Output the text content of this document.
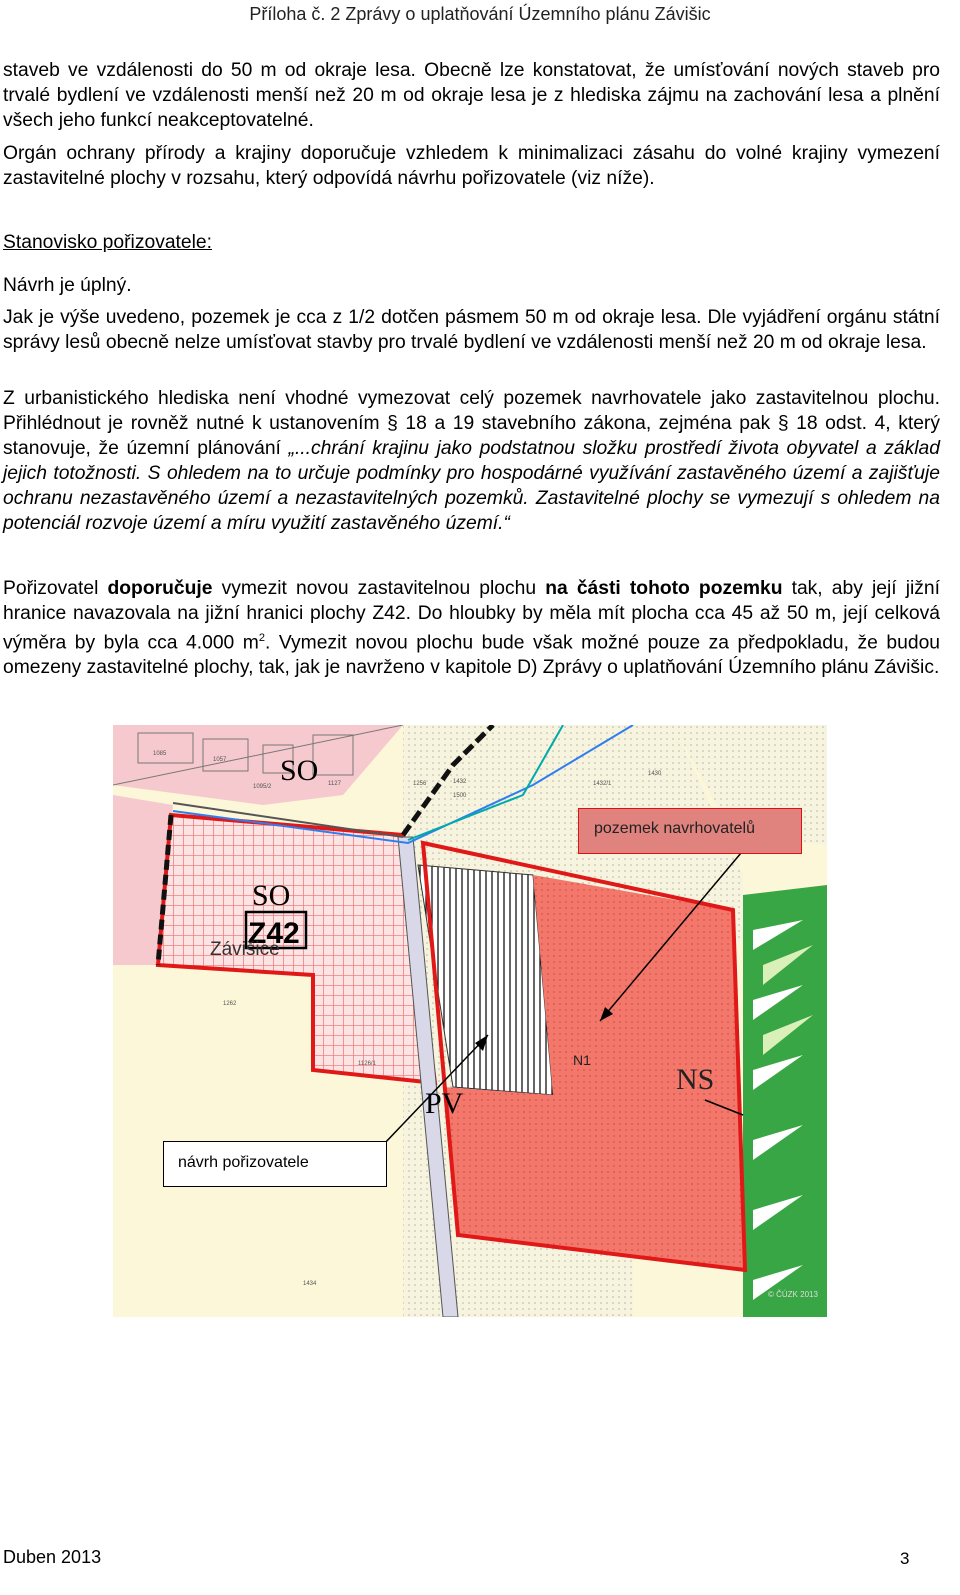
Příloha č. 2 Zprávy o uplatňování Územního plánu Závišic
staveb ve vzdálenosti do 50 m od okraje lesa. Obecně lze konstatovat, že umísťování nových staveb pro trvalé bydlení ve vzdálenosti menší než 20 m od okraje lesa je z hlediska zájmu na zachování lesa a plnění všech jeho funkcí neakceptovatelné.
Orgán ochrany přírody a krajiny doporučuje vzhledem k minimalizaci zásahu do volné krajiny vymezení zastavitelné plochy v rozsahu, který odpovídá návrhu pořizovatele (viz níže).
Stanovisko pořizovatele:
Návrh je úplný.
Jak je výše uvedeno, pozemek je cca z 1/2 dotčen pásmem 50 m od okraje lesa. Dle vyjádření orgánu státní správy lesů obecně nelze umísťovat stavby pro trvalé bydlení ve vzdálenosti menší než 20 m od okraje lesa.
Z urbanistického hlediska není vhodné vymezovat celý pozemek navrhovatele jako zastavitelnou plochu. Přihlédnout je rovněž nutné k ustanovením § 18 a 19 stavebního zákona, zejména pak § 18 odst. 4, který stanovuje, že územní plánování „...chrání krajinu jako podstatnou složku prostředí života obyvatel a základ jejich totožnosti. S ohledem na to určuje podmínky pro hospodárné využívání zastavěného území a zajišťuje ochranu nezastavěného území a nezastavitelných pozemků. Zastavitelné plochy se vymezují s ohledem na potenciál rozvoje území a míru využití zastavěného území.“
Pořizovatel doporučuje vymezit novou zastavitelnou plochu na části tohoto pozemku tak, aby její jižní hranice navazovala na jižní hranici plochy Z42. Do hloubky by měla mít plocha cca 45 až 50 m, její celková výměra by byla cca 4.000 $m^2$. Vymezit novou plochu bude však možné pouze za předpokladu, že budou omezeny zastavitelné plochy, tak, jak je navrženo v kapitole D) Zprávy o uplatňování Územního plánu Závišic.
SO
SO
Z42
Závišice
PV
NS
N1
1085
1057
1095/2	1127
1126/1
1262
1256	1432	1432/1
1500
1430
1434
© ČÚZK 2013
pozemek navrhovatelů
návrh pořizovatele
Duben 2013	3
